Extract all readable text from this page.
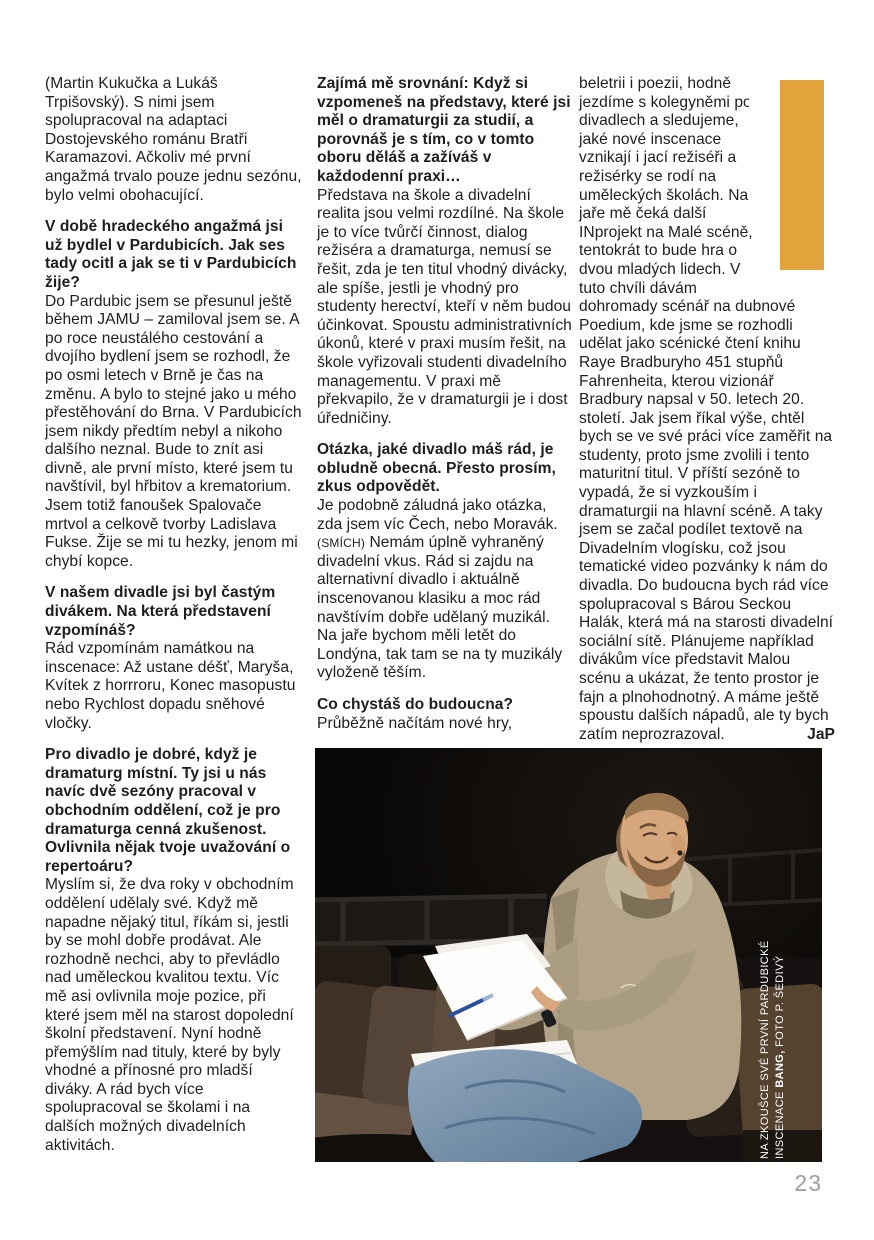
(Martin Kukučka a Lukáš Trpišovský). S nimi jsem spolupracoval na adaptaci Dostojevského románu Bratři Karamazovi. Ačkoliv mé první angažmá trvalo pouze jednu sezónu, bylo velmi obohacující.

V době hradeckého angažmá jsi už bydlel v Pardubicích. Jak ses tady ocitl a jak se ti v Pardubicích žije?

Do Pardubic jsem se přesunul ještě během JAMU – zamiloval jsem se. A po roce neustálého cestování a dvojího bydlení jsem se rozhodl, že po osmi letech v Brně je čas na změnu. A bylo to stejné jako u mého přestěhování do Brna. V Pardubicích jsem nikdy předtím nebyl a nikoho dalšího neznal. Bude to znít asi divně, ale první místo, které jsem tu navštívil, byl hřbitov a krematorium. Jsem totiž fanoušek Spalovače mrtvol a celkově tvorby Ladislava Fukse. Žije se mi tu hezky, jenom mi chybí kopce.

V našem divadle jsi byl častým divákem. Na která představení vzpomínáš?

Rád vzpomínám namátkou na inscenace: Až ustane déšť, Maryša, Kvítek z horrroru, Konec masopustu nebo Rychlost dopadu sněhové vločky.

Pro divadlo je dobré, když je dramaturg místní. Ty jsi u nás navíc dvě sezóny pracoval v obchodním oddělení, což je pro dramaturga cenná zkušenost. Ovlivnila nějak tvoje uvažování o repertoáru?

Myslím si, že dva roky v obchodním oddělení udělaly své. Když mě napadne nějaký titul, říkám si, jestli by se mohl dobře prodávat. Ale rozhodně nechci, aby to převládlo nad uměleckou kvalitou textu. Víc mě asi ovlivnila moje pozice, při které jsem měl na starost dopolední školní představení. Nyní hodně přemýšlím nad tituly, které by byly vhodné a přínosné pro mladší diváky. A rád bych více spolupracoval se školami i na dalších možných divadelních aktivitách.

Zajímá mě srovnání: Když si vzpomeneš na představy, které jsi měl o dramaturgii za studií, a porovnáš je s tím, co v tomto oboru děláš a zažíváš v každodenní praxi…

Představa na škole a divadelní realita jsou velmi rozdílné. Na škole je to více tvůrčí činnost, dialog režiséra a dramaturga, nemusí se řešit, zda je ten titul vhodný divácky, ale spíše, jestli je vhodný pro studenty herectví, kteří v něm budou účinkovat. Spoustu administrativních úkonů, které v praxi musím řešit, na škole vyřizovali studenti divadelního managementu. V praxi mě překvapilo, že v dramaturgii je i dost úředničiny.

Otázka, jaké divadlo máš rád, je obludně obecná. Přesto prosím, zkus odpovědět.

Je podobně záludná jako otázka, zda jsem víc Čech, nebo Moravák. (SMÍCH) Nemám úplně vyhraněný divadelní vkus. Rád si zajdu na alternativní divadlo i aktuálně inscenovanou klasiku a moc rád navštívím dobře udělaný muzikál. Na jaře bychom měli letět do Londýna, tak tam se na ty muzikály vyloženě těším.

Co chystáš do budoucna?

Průběžně načítám nové hry,

ROZHOVOR

beletrii i poezii, hodně jezdíme s kolegyněmi po divadlech a sledujeme, jaké nové inscenace vznikají i jací režiséři a režisérky se rodí na uměleckých školách. Na jaře mě čeká další INprojekt na Malé scéně, tentokrát to bude hra o dvou mladých lidech. V tuto chvíli dávám dohromady scénář na dubnové Poedium, kde jsme se rozhodli udělat jako scénické čtení knihu Raye Bradburyho 451 stupňů Fahrenheita, kterou vizionář Bradbury napsal v 50. letech 20. století. Jak jsem říkal výše, chtěl bych se ve své práci více zaměřit na studenty, proto jsme zvolili i tento maturitní titul. V příští sezóně to vypadá, že si vyzkouším i dramaturgii na hlavní scéně. A taky jsem se začal podílet textově na Divadelním vlogísku, což jsou tematické video pozvánky k nám do divadla. Do budoucna bych rád více spolupracoval s Bárou Seckou Halák, která má na starosti divadelní sociální sítě. Plánujeme například divákům více představit Malou scénu a ukázat, že tento prostor je fajn a plnohodnotný. A máme ještě spoustu dalších nápadů, ale ty bych zatím neprozrazoval.	JaP

NA ZKOUŠCE SVÉ PRVNÍ PARDUBICKÉ INSCENACE BANG, FOTO P. ŠEDIVÝ
23
